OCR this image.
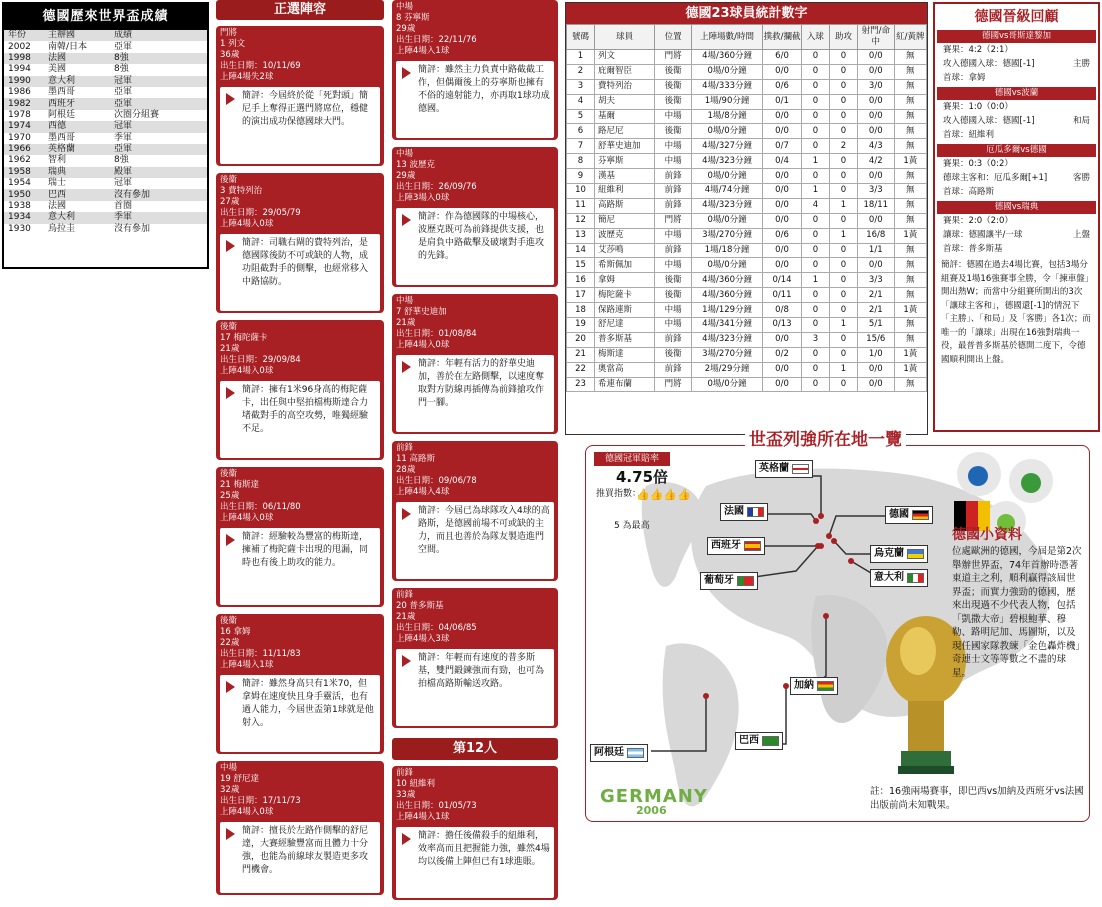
德國歷來世界盃成績
年份	主辦國	成績
2002	南韓/日本	亞軍
1998	法國	8強
1994	美國	8強
1990	意大利	冠軍
1986	墨西哥	亞軍
1982	西班牙	亞軍
1978	阿根廷	次圈分組賽
1974	西德	冠軍
1970	墨西哥	季軍
1966	英格蘭	亞軍
1962	智利	8強
1958	瑞典	殿軍
1954	瑞士	冠軍
1950	巴西	沒有參加
1938	法國	首圈
1934	意大利	季軍
1930	烏拉圭	沒有參加
正選陣容
門將
1 列文
36歲
出生日期：10/11/69
上陣4場失2球
簡評：今屆終於從「死對頭」簡尼手上奪得正選門將席位，穩健的演出成功保德國球大門。
後衞
3 費特列治
27歲
出生日期：29/05/79
上陣4場入0球
簡評：司職右閘的費特列治，是德國隊後防不可或缺的人物，成功阻截對手的側擊，也經常移入中路協防。
後衞
17 梅陀薩卡
21歲
出生日期：29/09/84
上陣4場入0球
簡評：擁有1米96身高的梅陀薩卡，出任與中堅拍檔梅斯達合力堵截對手的高空攻勢，唯獨經驗不足。
後衞
21 梅斯達
25歲
出生日期：06/11/80
上陣4場入0球
簡評：經驗較為豐富的梅斯達，擁補了梅陀薩卡出現的甩漏，同時也有後上助攻的能力。
後衞
16 拿姆
22歲
出生日期：11/11/83
上陣4場入1球
簡評：雖然身高只有1米70，但拿姆在速度快且身手靈活，也有過人能力，今屆世盃第1球就是他射入。
中場
19 舒尼達
32歲
出生日期：17/11/73
上陣4場入0球
簡評：擅長於左路作側擊的舒尼達，大賽經驗豐富而且體力十分強，也能為前線球友製造更多攻門機會。
中場
8 芬寧斯
29歲
出生日期：22/11/76
上陣4場入1球
簡評：雖然主力負責中路截截工作，但偶爾後上的芬寧斯也擁有不俗的遠射能力，亦再取1球功成德國。
中場
13 波歷克
29歲
出生日期：26/09/76
上陣3場入0球
簡評：作為德國隊的中場核心，波歷克既可為前鋒提供支援，也是肩負中路截擊及破壞對手進攻的先鋒。
中場
7 舒華史迪加
21歲
出生日期：01/08/84
上陣4場入0球
簡評：年輕有活力的舒華史迪加，善於在左路側擊，以速度奪取對方防線再插傳為前鋒搶攻作門一腳。
前鋒
11 高路斯
28歲
出生日期：09/06/78
上陣4場入4球
簡評：今屆已為球隊攻入4球的高路斯，是德國前場不可或缺的主力，而且也善於為隊友製造進門空間。
前鋒
20 普多斯基
21歲
出生日期：04/06/85
上陣4場入3球
簡評：年輕而有速度的普多斯基，雙門鍛鍊強而有勁，也可為拍檔高路斯輸送攻路。
第12人
前鋒
10 紐維利
33歲
出生日期：01/05/73
上陣4場入1球
簡評：擔任後備殺手的紐維利，效率高而且把握能力強，雖然4場均以後備上陣但已有1球進賬。
德國23球員統計數字
號碼	球員	位置	上陣場數/時間	撲救/攔截	入球	助攻	射門/命中	紅/黃牌
1	列文	門將	4場/360分鐘	6/0	0	0	0/0	無
2	庇爾智臣	後衞	0場/0分鐘	0/0	0	0	0/0	無
3	費特列治	後衞	4場/333分鐘	0/6	0	0	3/0	無
4	胡夫	後衞	1場/90分鐘	0/1	0	0	0/0	無
5	基爾	中場	1場/8分鐘	0/0	0	0	0/0	無
6	路尼尼	後衞	0場/0分鐘	0/0	0	0	0/0	無
7	舒華史迪加	中場	4場/327分鐘	0/7	0	2	4/3	無
8	芬寧斯	中場	4場/323分鐘	0/4	1	0	4/2	1黃
9	漢基	前鋒	0場/0分鐘	0/0	0	0	0/0	無
10	紐維利	前鋒	4場/74分鐘	0/0	1	0	3/3	無
11	高路斯	前鋒	4場/323分鐘	0/0	4	1	18/11	無
12	簡尼	門將	0場/0分鐘	0/0	0	0	0/0	無
13	波歷克	中場	3場/270分鐘	0/6	0	1	16/8	1黃
14	艾莎鳴	前鋒	1場/18分鐘	0/0	0	0	1/1	無
15	希斯佩加	中場	0場/0分鐘	0/0	0	0	0/0	無
16	拿姆	後衞	4場/360分鐘	0/14	1	0	3/3	無
17	梅陀薩卡	後衞	4場/360分鐘	0/11	0	0	2/1	無
18	保路連斯	中場	1場/129分鐘	0/8	0	0	2/1	1黃
19	舒尼達	中場	4場/341分鐘	0/13	0	1	5/1	無
20	普多斯基	前鋒	4場/323分鐘	0/0	3	0	15/6	無
21	梅斯達	後衞	3場/270分鐘	0/2	0	0	1/0	1黃
22	奧當高	前鋒	2場/29分鐘	0/0	0	1	0/0	1黃
23	希連布蘭	門將	0場/0分鐘	0/0	0	0	0/0	無
德國晉級回顧
德國vs哥斯達黎加
賽果：4:2（2:1）
攻入德國入球：德國[-1]	主勝
首球：拿姆
德國vs波蘭
賽果：1:0（0:0）
攻入德國入球：德國[-1]	和局
首球：紐維利
厄瓜多爾vs德國
賽果：0:3（0:2）
德球主客和：厄瓜多爾[+1]	客勝
首球：高路斯
德國vs瑞典
賽果：2:0（2:0）
讓球：德國讓半/一球	上盤
首球：普多斯基
簡評：德國在過去4場比賽，包括3場分組賽及1場16強賽事全勝，令「揀車盤」開出熱W；而當中分組賽所開出的3次「讓球主客和」，德國還[-1]的情況下「主勝」、「和局」及「客勝」各1次；而唯一的「讓球」出現在16強對瑞典一役，最普普多斯基於德開二度下，令德國順利開出上盤。
GERMANY
2006
世盃列強所在地一覽
德國冠軍賠率
4.75倍
推買指數：
👍👍👍👍
5 為最高
英格蘭
法國
西班牙
葡萄牙
德國
烏克蘭
意大利
加納
巴西
阿根廷
德國小資料
位處歐洲的德國，今屆是第2次舉辦世界盃，74年首辦時憑著東道主之利，順利贏得該屆世界盃；而實力強勁的德國，歷來出現過不少代表人物，包括「凱撒大帝」碧根鮑華、穆勒、路明尼加、馬圖斯，以及現任國家隊教練「金色轟炸機」奇連士文等等數之不盡的球星。
註：16強兩場賽事，即巴西vs加納及西班牙vs法國出版前尚未知戰果。
